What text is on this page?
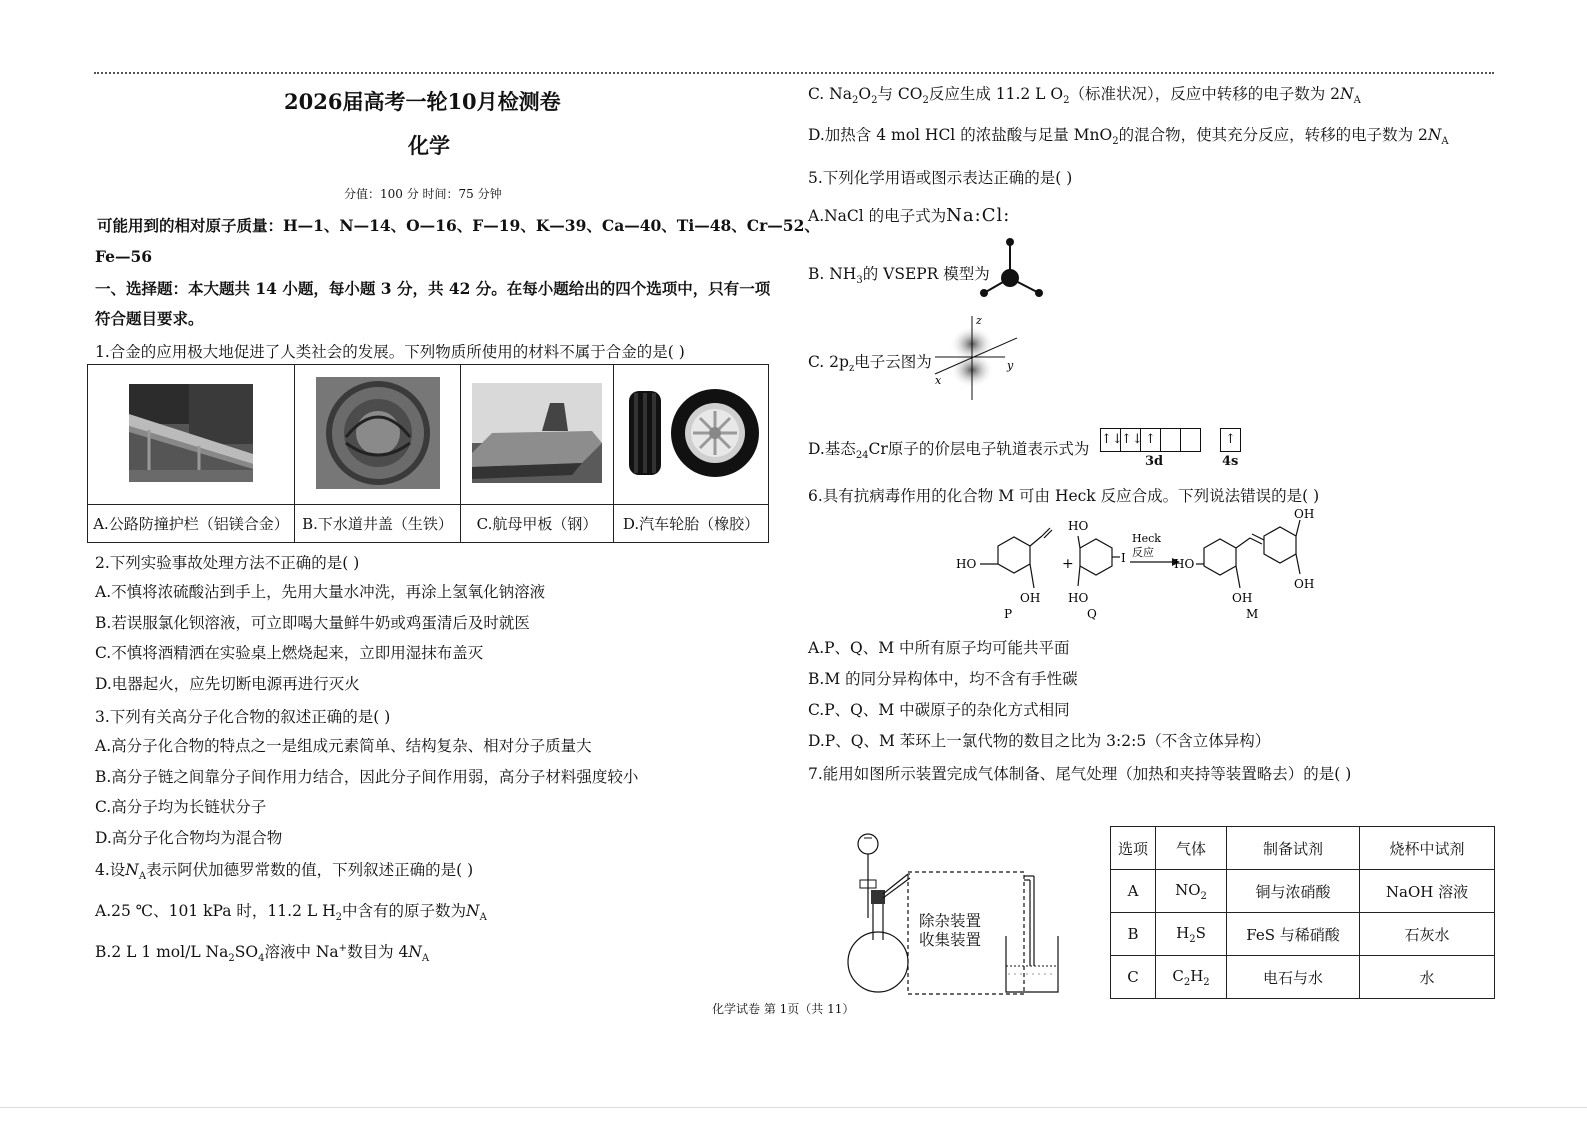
2026届高考一轮10月检测卷
化学
分值：100 分 时间：75 分钟
可能用到的相对原子质量：H—1、N—14、O—16、F—19、K—39、Ca—40、Ti—48、Cr—52、
Fe—56
一、选择题：本大题共 14 小题，每小题 3 分，共 42 分。在每小题给出的四个选项中，只有一项
符合题目要求。
1.合金的应用极大地促进了人类社会的发展。下列物质所使用的材料不属于合金的是( )

A.公路防撞护栏（铝镁合金）	B.下水道井盖（生铁）	C.航母甲板（钢）	D.汽车轮胎（橡胶）
2.下列实验事故处理方法不正确的是( )
A.不慎将浓硫酸沾到手上，先用大量水冲洗，再涂上氢氧化钠溶液
B.若误服氯化钡溶液，可立即喝大量鲜牛奶或鸡蛋清后及时就医
C.不慎将酒精洒在实验桌上燃烧起来，立即用湿抹布盖灭
D.电器起火，应先切断电源再进行灭火
3.下列有关高分子化合物的叙述正确的是( )
A.高分子化合物的特点之一是组成元素简单、结构复杂、相对分子质量大
B.高分子链之间靠分子间作用力结合，因此分子间作用弱，高分子材料强度较小
C.高分子均为长链状分子
D.高分子化合物均为混合物
4.设$N_A$表示阿伏加德罗常数的值，下列叙述正确的是( )
A.25 ℃、101 kPa 时，11.2 L $H_2$中含有的原子数为$N_A$
B.2 L 1 mol/L $Na_2SO_4$溶液中 Na+数目为 $4N_A$
C. $Na_2O_2$与 $CO_2$反应生成 11.2 L $O_2$（标准状况），反应中转移的电子数为 $2N_A$
D.加热含 4 mol HCl 的浓盐酸与足量 MnO$_2$的混合物，使其充分反应，转移的电子数为 $2N_A$
5.下列化学用语或图示表达正确的是( )
A.NaCl 的电子式为Na:Cl:
B. $NH_3$的 VSEPR 模型为
C. $2p_z$电子云图为
z
x
y
D.基态$_{24}$Cr原子的价层电子轨道表示式为
↑↓
↑↓ ↑	↑
3d	4s
6.具有抗病毒作用的化合物 M 可由 Heck 反应合成。下列说法错误的是( )
HO
OH
P
+
HO
HO
I
Q
Heck
反应
HO
OH
OH
OH
M
A.P、Q、M 中所有原子均可能共平面
B.M 的同分异构体中，均不含有手性碳
C.P、Q、M 中碳原子的杂化方式相同
D.P、Q、M 苯环上一氯代物的数目之比为 3:2:5（不含立体异构）
7.能用如图所示装置完成气体制备、尾气处理（加热和夹持等装置略去）的是( )
除杂装置
收集装置
选项	气体	制备试剂	烧杯中试剂
A	$NO_2$	铜与浓硝酸	NaOH 溶液
B	$H_2S$	FeS 与稀硝酸	石灰水
C	$C_2H_2$	电石与水	水
化学试卷 第 1页（共 11）
